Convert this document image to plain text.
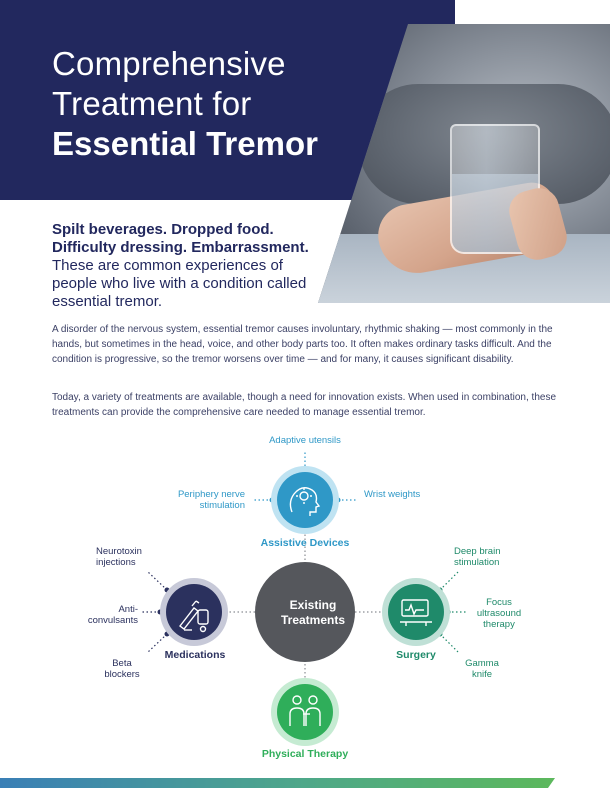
Comprehensive
Treatment for
Essential Tremor
Spilt beverages. Dropped food.
Difficulty dressing. Embarrassment.
These are common experiences of people who live with a condition called essential tremor.

A disorder of the nervous system, essential tremor causes involuntary, rhythmic shaking — most commonly in the hands, but sometimes in the head, voice, and other body parts too. It often makes ordinary tasks difficult. And the condition is progressive, so the tremor worsens over time — and for many, it causes significant disability.

Today, a variety of treatments are available, though a need for innovation exists. When used in combination, these treatments can provide the comprehensive care needed to manage essential tremor.

Existing
Treatments
Adaptive utensils
Periphery nerve stimulation
Wrist weights
Assistive Devices
Neurotoxin injections
Anti-convulsants
Beta blockers
Medications
Deep brain stimulation
Focus ultrasound therapy
Gamma knife
Surgery
Physical Therapy
